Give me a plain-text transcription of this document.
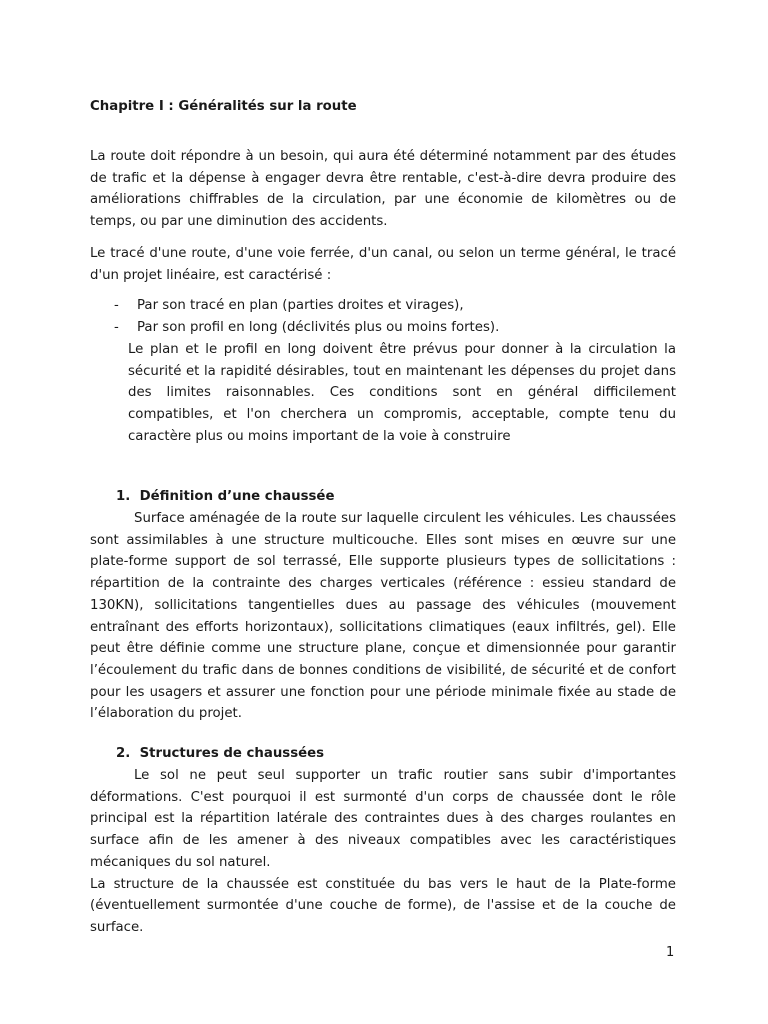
Chapitre I : Généralités sur la route

La route doit répondre à un besoin, qui aura été déterminé notamment par des études de trafic et la dépense à engager devra être rentable, c'est-à-dire devra produire des améliorations chiffrables de la circulation, par une économie de kilomètres ou de temps, ou par une diminution des accidents.

Le tracé d'une route, d'une voie ferrée, d'un canal, ou selon un terme général, le tracé d'un projet linéaire, est caractérisé :

- Par son tracé en plan (parties droites et virages),
- Par son profil en long (déclivités plus ou moins fortes).

Le plan et le profil en long doivent être prévus pour donner à la circulation la sécurité et la rapidité désirables, tout en maintenant les dépenses du projet dans des limites raisonnables. Ces conditions sont en général difficilement compatibles, et l'on cherchera un compromis, acceptable, compte tenu du caractère plus ou moins important de la voie à construire

1. Définition d’une chaussée

Surface aménagée de la route sur laquelle circulent les véhicules. Les chaussées sont assimilables à une structure multicouche. Elles sont mises en œuvre sur une plate-forme support de sol terrassé, Elle supporte plusieurs types de sollicitations : répartition de la contrainte des charges verticales (référence : essieu standard de 130KN), sollicitations tangentielles dues au passage des véhicules (mouvement entraînant des efforts horizontaux), sollicitations climatiques (eaux infiltrés, gel). Elle peut être définie comme une structure plane, conçue et dimensionnée pour garantir l’écoulement du trafic dans de bonnes conditions de visibilité, de sécurité et de confort pour les usagers et assurer une fonction pour une période minimale fixée au stade de l’élaboration du projet.

2. Structures de chaussées

Le sol ne peut seul supporter un trafic routier sans subir d'importantes déformations. C'est pourquoi il est surmonté d'un corps de chaussée dont le rôle principal est la répartition latérale des contraintes dues à des charges roulantes en surface afin de les amener à des niveaux compatibles avec les caractéristiques mécaniques du sol naturel.
La structure de la chaussée est constituée du bas vers le haut de la Plate-forme (éventuellement surmontée d'une couche de forme), de l'assise et de la couche de surface.
1
